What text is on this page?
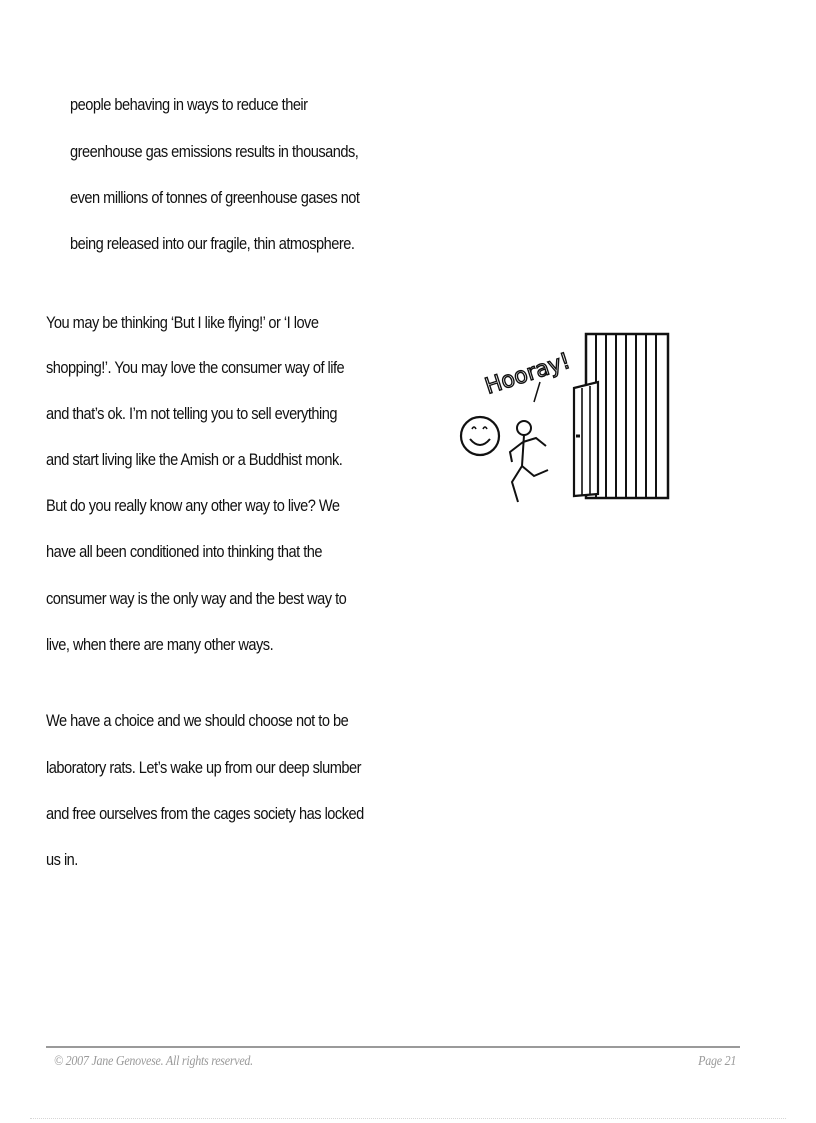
people behaving in ways to reduce their
greenhouse gas emissions results in thousands,
even millions of tonnes of greenhouse gases not
being released into our fragile, thin atmosphere.
You may be thinking ‘But I like flying!’ or ‘I love
shopping!’. You may love the consumer way of life
and that’s ok. I’m not telling you to sell everything
and start living like the Amish or a Buddhist monk.
But do you really know any other way to live? We
have all been conditioned into thinking that the
consumer way is the only way and the best way to
live, when there are many other ways.
We have a choice and we should choose not to be
laboratory rats. Let’s wake up from our deep slumber
and free ourselves from the cages society has locked
us in.
Hooray!
© 2007 Jane Genovese. All rights reserved.	Page 21
